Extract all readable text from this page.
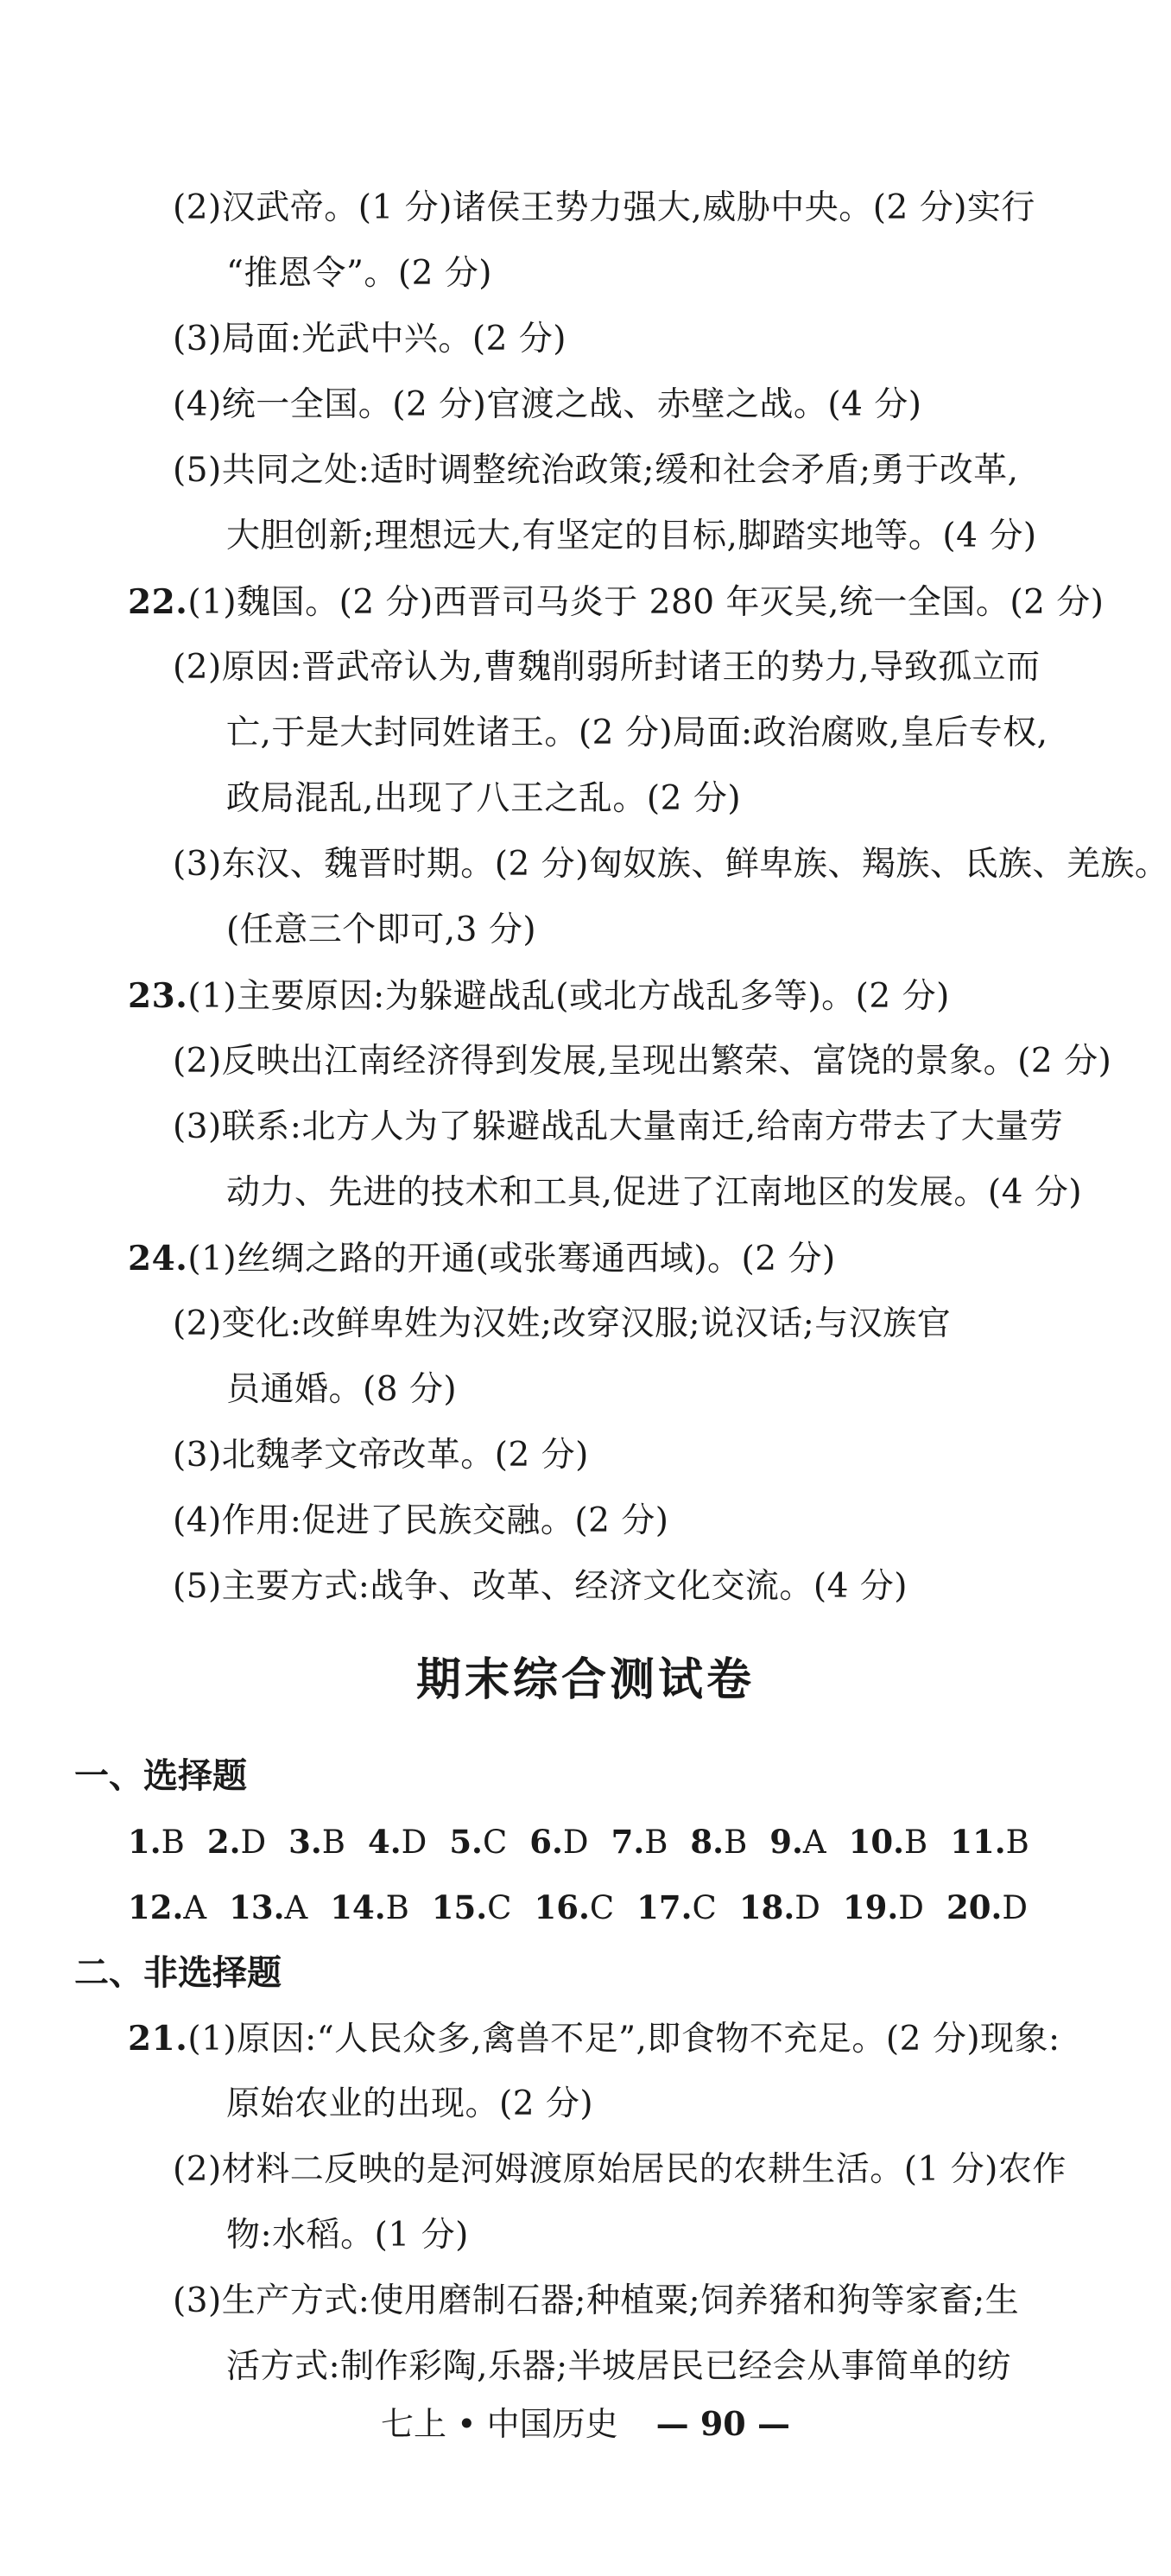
(2)汉武帝。(1 分)诸侯王势力强大,威胁中央。(2 分)实行
“推恩令”。(2 分)
(3)局面:光武中兴。(2 分)
(4)统一全国。(2 分)官渡之战、赤壁之战。(4 分)
(5)共同之处:适时调整统治政策;缓和社会矛盾;勇于改革,
大胆创新;理想远大,有坚定的目标,脚踏实地等。(4 分)
22.(1)魏国。(2 分)西晋司马炎于 280 年灭吴,统一全国。(2 分)
(2)原因:晋武帝认为,曹魏削弱所封诸王的势力,导致孤立而
亡,于是大封同姓诸王。(2 分)局面:政治腐败,皇后专权,
政局混乱,出现了八王之乱。(2 分)
(3)东汉、魏晋时期。(2 分)匈奴族、鲜卑族、羯族、氐族、羌族。
(任意三个即可,3 分)
23.(1)主要原因:为躲避战乱(或北方战乱多等)。(2 分)
(2)反映出江南经济得到发展,呈现出繁荣、富饶的景象。(2 分)
(3)联系:北方人为了躲避战乱大量南迁,给南方带去了大量劳
动力、先进的技术和工具,促进了江南地区的发展。(4 分)
24.(1)丝绸之路的开通(或张骞通西域)。(2 分)
(2)变化:改鲜卑姓为汉姓;改穿汉服;说汉话;与汉族官
员通婚。(8 分)
(3)北魏孝文帝改革。(2 分)
(4)作用:促进了民族交融。(2 分)
(5)主要方式:战争、改革、经济文化交流。(4 分)
期末综合测试卷
一、选择题
1.B 2.D 3.B 4.D 5.C 6.D 7.B 8.B 9.A 10.B 11.B
12.A 13.A 14.B 15.C 16.C 17.C 18.D 19.D 20.D
二、非选择题
21.(1)原因:“人民众多,禽兽不足”,即食物不充足。(2 分)现象:
原始农业的出现。(2 分)
(2)材料二反映的是河姆渡原始居民的农耕生活。(1 分)农作
物:水稻。(1 分)
(3)生产方式:使用磨制石器;种植粟;饲养猪和狗等家畜;生
活方式:制作彩陶,乐器;半坡居民已经会从事简单的纺
七上 • 中国历史 — 90 —
